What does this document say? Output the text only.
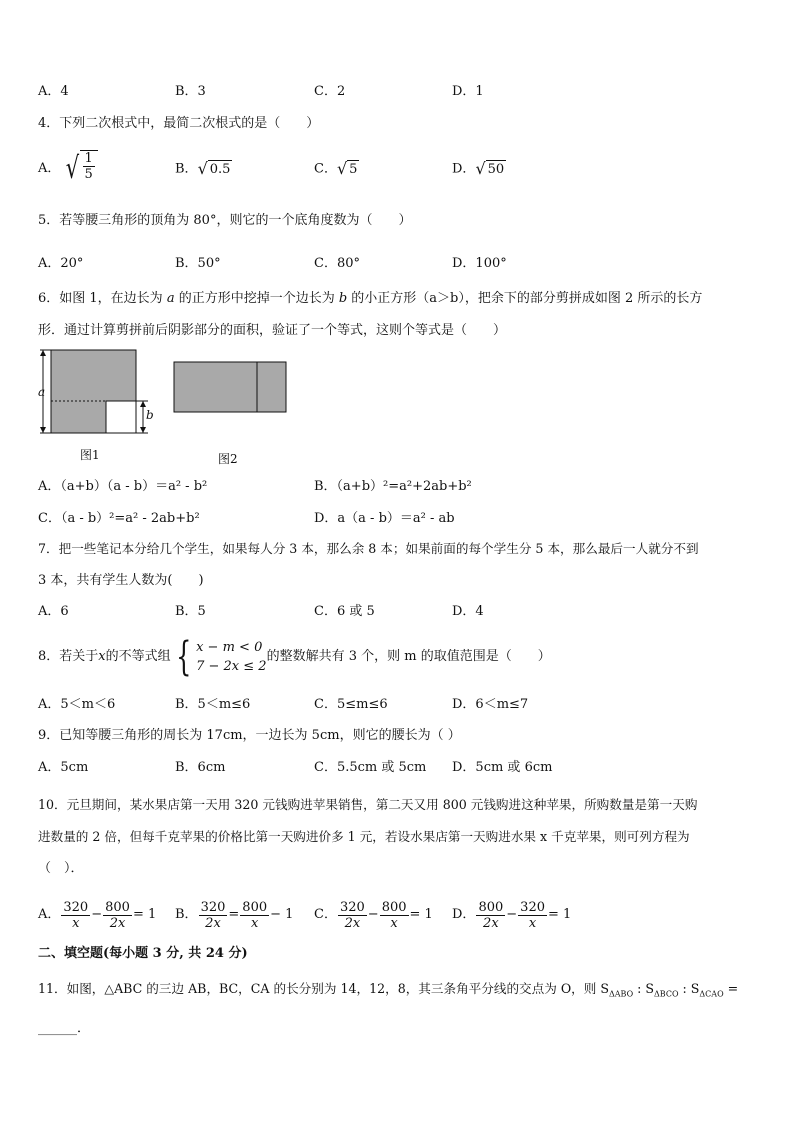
A．4	B．3	C．2	D．1
4．下列二次根式中，最简二次根式的是（　　）
A． √ $\frac{1}{5}$	B． √ 0.5	C． √ 5	D． √ 50
5．若等腰三角形的顶角为 80°，则它的一个底角度数为（　　）
A．20°	B．50°	C．80°	D．100°
6．如图 1，在边长为 a 的正方形中挖掉一个边长为 b 的小正方形（a＞b），把余下的部分剪拼成如图 2 所示的长方
形．通过计算剪拼前后阴影部分的面积，验证了一个等式，这则个等式是（　　）
a
b
图1	图2
A．（a+b）（a - b）＝a² - b²	B．（a+b）²=a²+2ab+b²
C．（a - b）²=a² - 2ab+b²	D．a（a - b）＝a² - ab
7．把一些笔记本分给几个学生，如果每人分 3 本，那么余 8 本；如果前面的每个学生分 5 本，那么最后一人就分不到
3 本，共有学生人数为(　　)
A．6	B．5	C．6 或 5	D．4
8．若关于 x 的不等式组 { x − m < 0
7 − 2x ≤ 2
的整数解共有 3 个，则 m 的取值范围是（　　）
A．5＜m＜6	B．5＜m≤6	C．5≤m≤6	D．6＜m≤7
9．已知等腰三角形的周长为 17cm，一边长为 5cm，则它的腰长为（ ）
A．5cm	B．6cm	C．5.5cm 或 5cm D．5cm 或 6cm
10．元旦期间，某水果店第一天用 320 元钱购进苹果销售，第二天又用 800 元钱购进这种苹果，所购数量是第一天购
进数量的 2 倍，但每千克苹果的价格比第一天购进价多 1 元，若设水果店第一天购进水果 x 千克苹果，则可列方程为
（　）．
A． $\frac{320}{x} - \frac{800}{2x} = 1$ B． $\frac{320}{2x} = \frac{800}{x} - 1$ C． $\frac{320}{2x} - \frac{800}{x} = 1$ D． $\frac{800}{2x} - \frac{320}{x} = 1$
二、填空题(每小题 3 分, 共 24 分)
11．如图，△ABC 的三边 AB，BC，CA 的长分别为 14，12，8，其三条角平分线的交点为 O，则 $S_{\Delta ABO}$ : $S_{\Delta BCO}$ : $S_{\Delta CAO}$ =
______．
